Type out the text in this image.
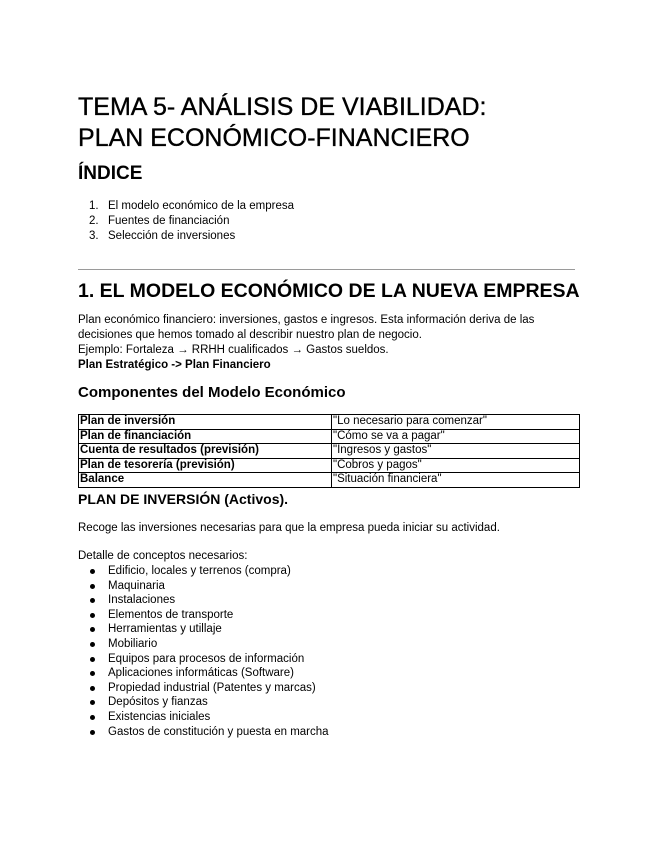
TEMA 5- ANÁLISIS DE VIABILIDAD:
PLAN ECONÓMICO-FINANCIERO
ÍNDICE
1. El modelo económico de la empresa
2. Fuentes de financiación
3. Selección de inversiones
1. EL MODELO ECONÓMICO DE LA NUEVA EMPRESA

Plan económico financiero: inversiones, gastos e ingresos. Esta información deriva de las

decisiones que hemos tomado al describir nuestro plan de negocio.

Ejemplo: Fortaleza → RRHH cualificados → Gastos sueldos.

Plan Estratégico -> Plan Financiero

Componentes del Modelo Económico
Plan de inversión	"Lo necesario para comenzar"
Plan de financiación	"Cómo se va a pagar"
Cuenta de resultados (previsión)	"Ingresos y gastos"
Plan de tesorería (previsión)	"Cobros y pagos"
Balance	"Situación financiera"
PLAN DE INVERSIÓN (Activos).

Recoge las inversiones necesarias para que la empresa pueda iniciar su actividad.

Detalle de conceptos necesarios:

Edificio, locales y terrenos (compra)
Maquinaria
Instalaciones
Elementos de transporte
Herramientas y utillaje
Mobiliario
Equipos para procesos de información
Aplicaciones informáticas (Software)
Propiedad industrial (Patentes y marcas)
Depósitos y fianzas
Existencias iniciales
Gastos de constitución y puesta en marcha
